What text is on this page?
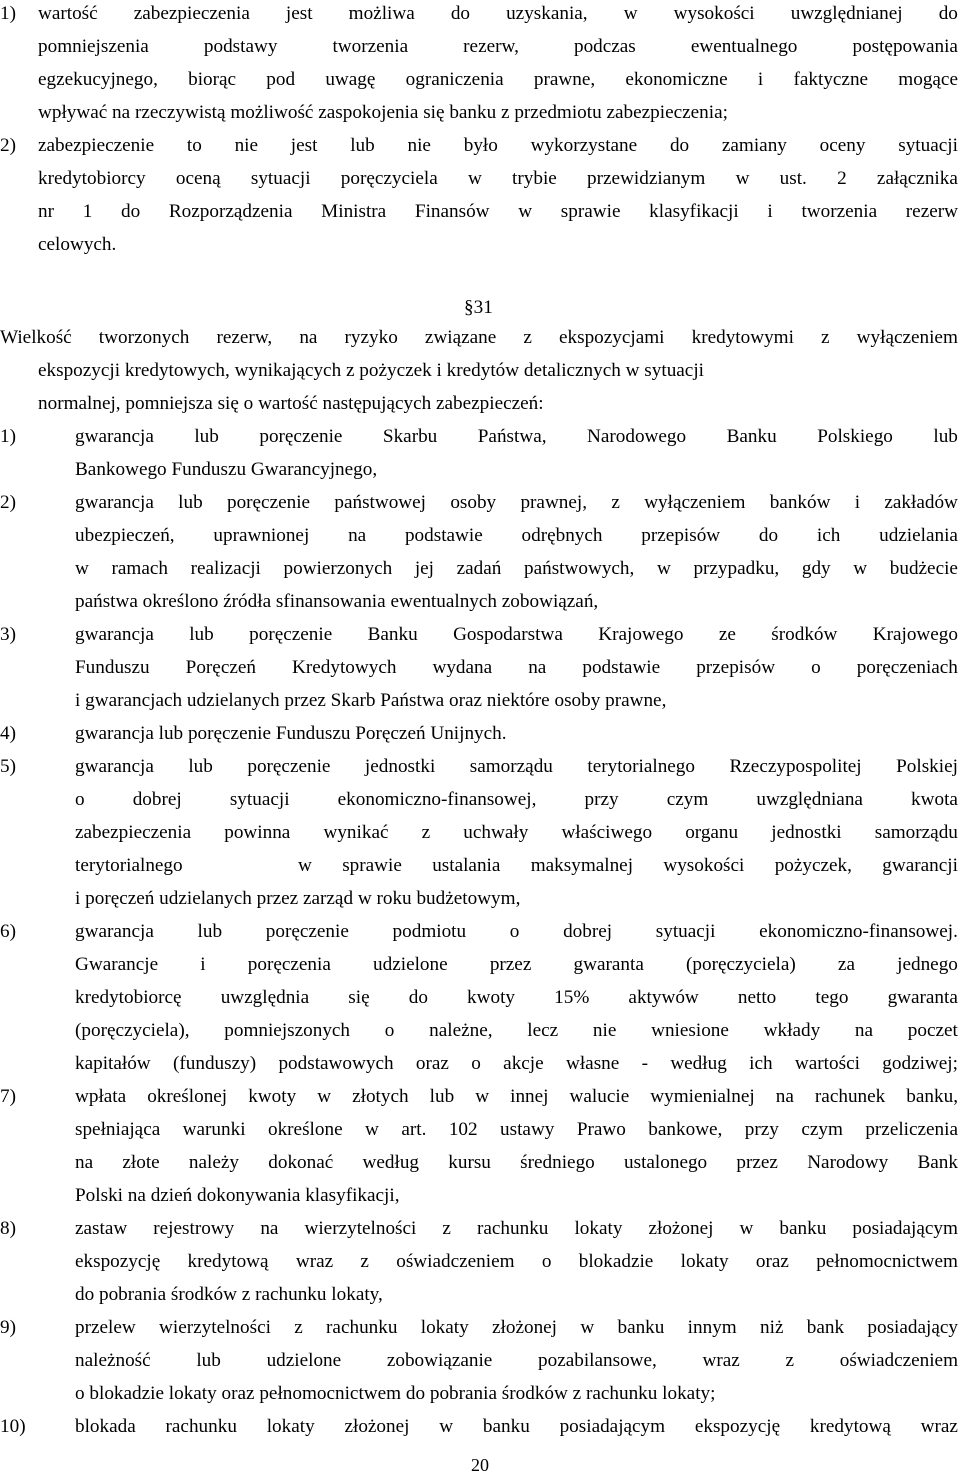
1) wartość zabezpieczenia jest możliwa do uzyskania, w wysokości uwzględnianej do
pomniejszenia	podstawy	tworzenia	rezerw,	podczas	ewentualnego	postępowania
egzekucyjnego, biorąc pod uwagę ograniczenia prawne, ekonomiczne i faktyczne mogące
wpływać na rzeczywistą możliwość zaspokojenia się banku z przedmiotu zabezpieczenia;
2) zabezpieczenie to nie jest lub nie było wykorzystane do zamiany oceny sytuacji
kredytobiorcy oceną sytuacji poręczyciela w trybie przewidzianym w ust. 2 załącznika
nr 1 do Rozporządzenia Ministra Finansów w sprawie klasyfikacji i tworzenia rezerw
celowych.
§31
Wielkość tworzonych rezerw, na ryzyko związane z ekspozycjami kredytowymi z wyłączeniem
ekspozycji kredytowych, wynikających z pożyczek i kredytów detalicznych w sytuacji
normalnej, pomniejsza się o wartość następujących zabezpieczeń:
1)	gwarancja lub poręczenie Skarbu Państwa, Narodowego Banku Polskiego lub
Bankowego Funduszu Gwarancyjnego,
2)	gwarancja lub poręczenie państwowej osoby prawnej, z wyłączeniem banków i zakładów
ubezpieczeń, uprawnionej na podstawie odrębnych przepisów do ich udzielania
w ramach realizacji powierzonych jej zadań państwowych, w przypadku, gdy w budżecie
państwa określono źródła sfinansowania ewentualnych zobowiązań,
3)	gwarancja lub poręczenie Banku Gospodarstwa Krajowego ze środków Krajowego
Funduszu Poręczeń Kredytowych wydana na podstawie przepisów o poręczeniach
i gwarancjach udzielanych przez Skarb Państwa oraz niektóre osoby prawne,
4)	gwarancja lub poręczenie Funduszu Poręczeń Unijnych.
5)	gwarancja lub poręczenie jednostki samorządu terytorialnego Rzeczypospolitej Polskiej
o	dobrej	sytuacji	ekonomiczno-finansowej,	przy	czym	uwzględniana	kwota
zabezpieczenia powinna wynikać z uchwały właściwego organu jednostki samorządu
terytorialnego	w sprawie ustalania maksymalnej wysokości pożyczek, gwarancji
i poręczeń udzielanych przez zarząd w roku budżetowym,
6)	gwarancja lub poręczenie podmiotu o dobrej sytuacji ekonomiczno-finansowej.
Gwarancje i poręczenia udzielone przez gwaranta (poręczyciela) za jednego
kredytobiorcę uwzględnia się do kwoty 15% aktywów netto tego gwaranta
(poręczyciela), pomniejszonych o należne, lecz nie wniesione wkłady na poczet
kapitałów (funduszy) podstawowych oraz o akcje własne - według ich wartości godziwej;
7)	wpłata określonej kwoty w złotych lub w innej walucie wymienialnej na rachunek banku,
spełniająca warunki określone w art. 102 ustawy Prawo bankowe, przy czym przeliczenia
na złote należy dokonać według kursu średniego ustalonego przez Narodowy Bank
Polski na dzień dokonywania klasyfikacji,
8)	zastaw rejestrowy na wierzytelności z rachunku lokaty złożonej w banku posiadającym
ekspozycję kredytową wraz z oświadczeniem o blokadzie lokaty oraz pełnomocnictwem
do pobrania środków z rachunku lokaty,
9)	przelew wierzytelności z rachunku lokaty złożonej w banku innym niż bank posiadający
należność lub udzielone zobowiązanie pozabilansowe, wraz z oświadczeniem
o blokadzie lokaty oraz pełnomocnictwem do pobrania środków z rachunku lokaty;
10)	blokada rachunku lokaty złożonej w banku posiadającym ekspozycję kredytową wraz
20
